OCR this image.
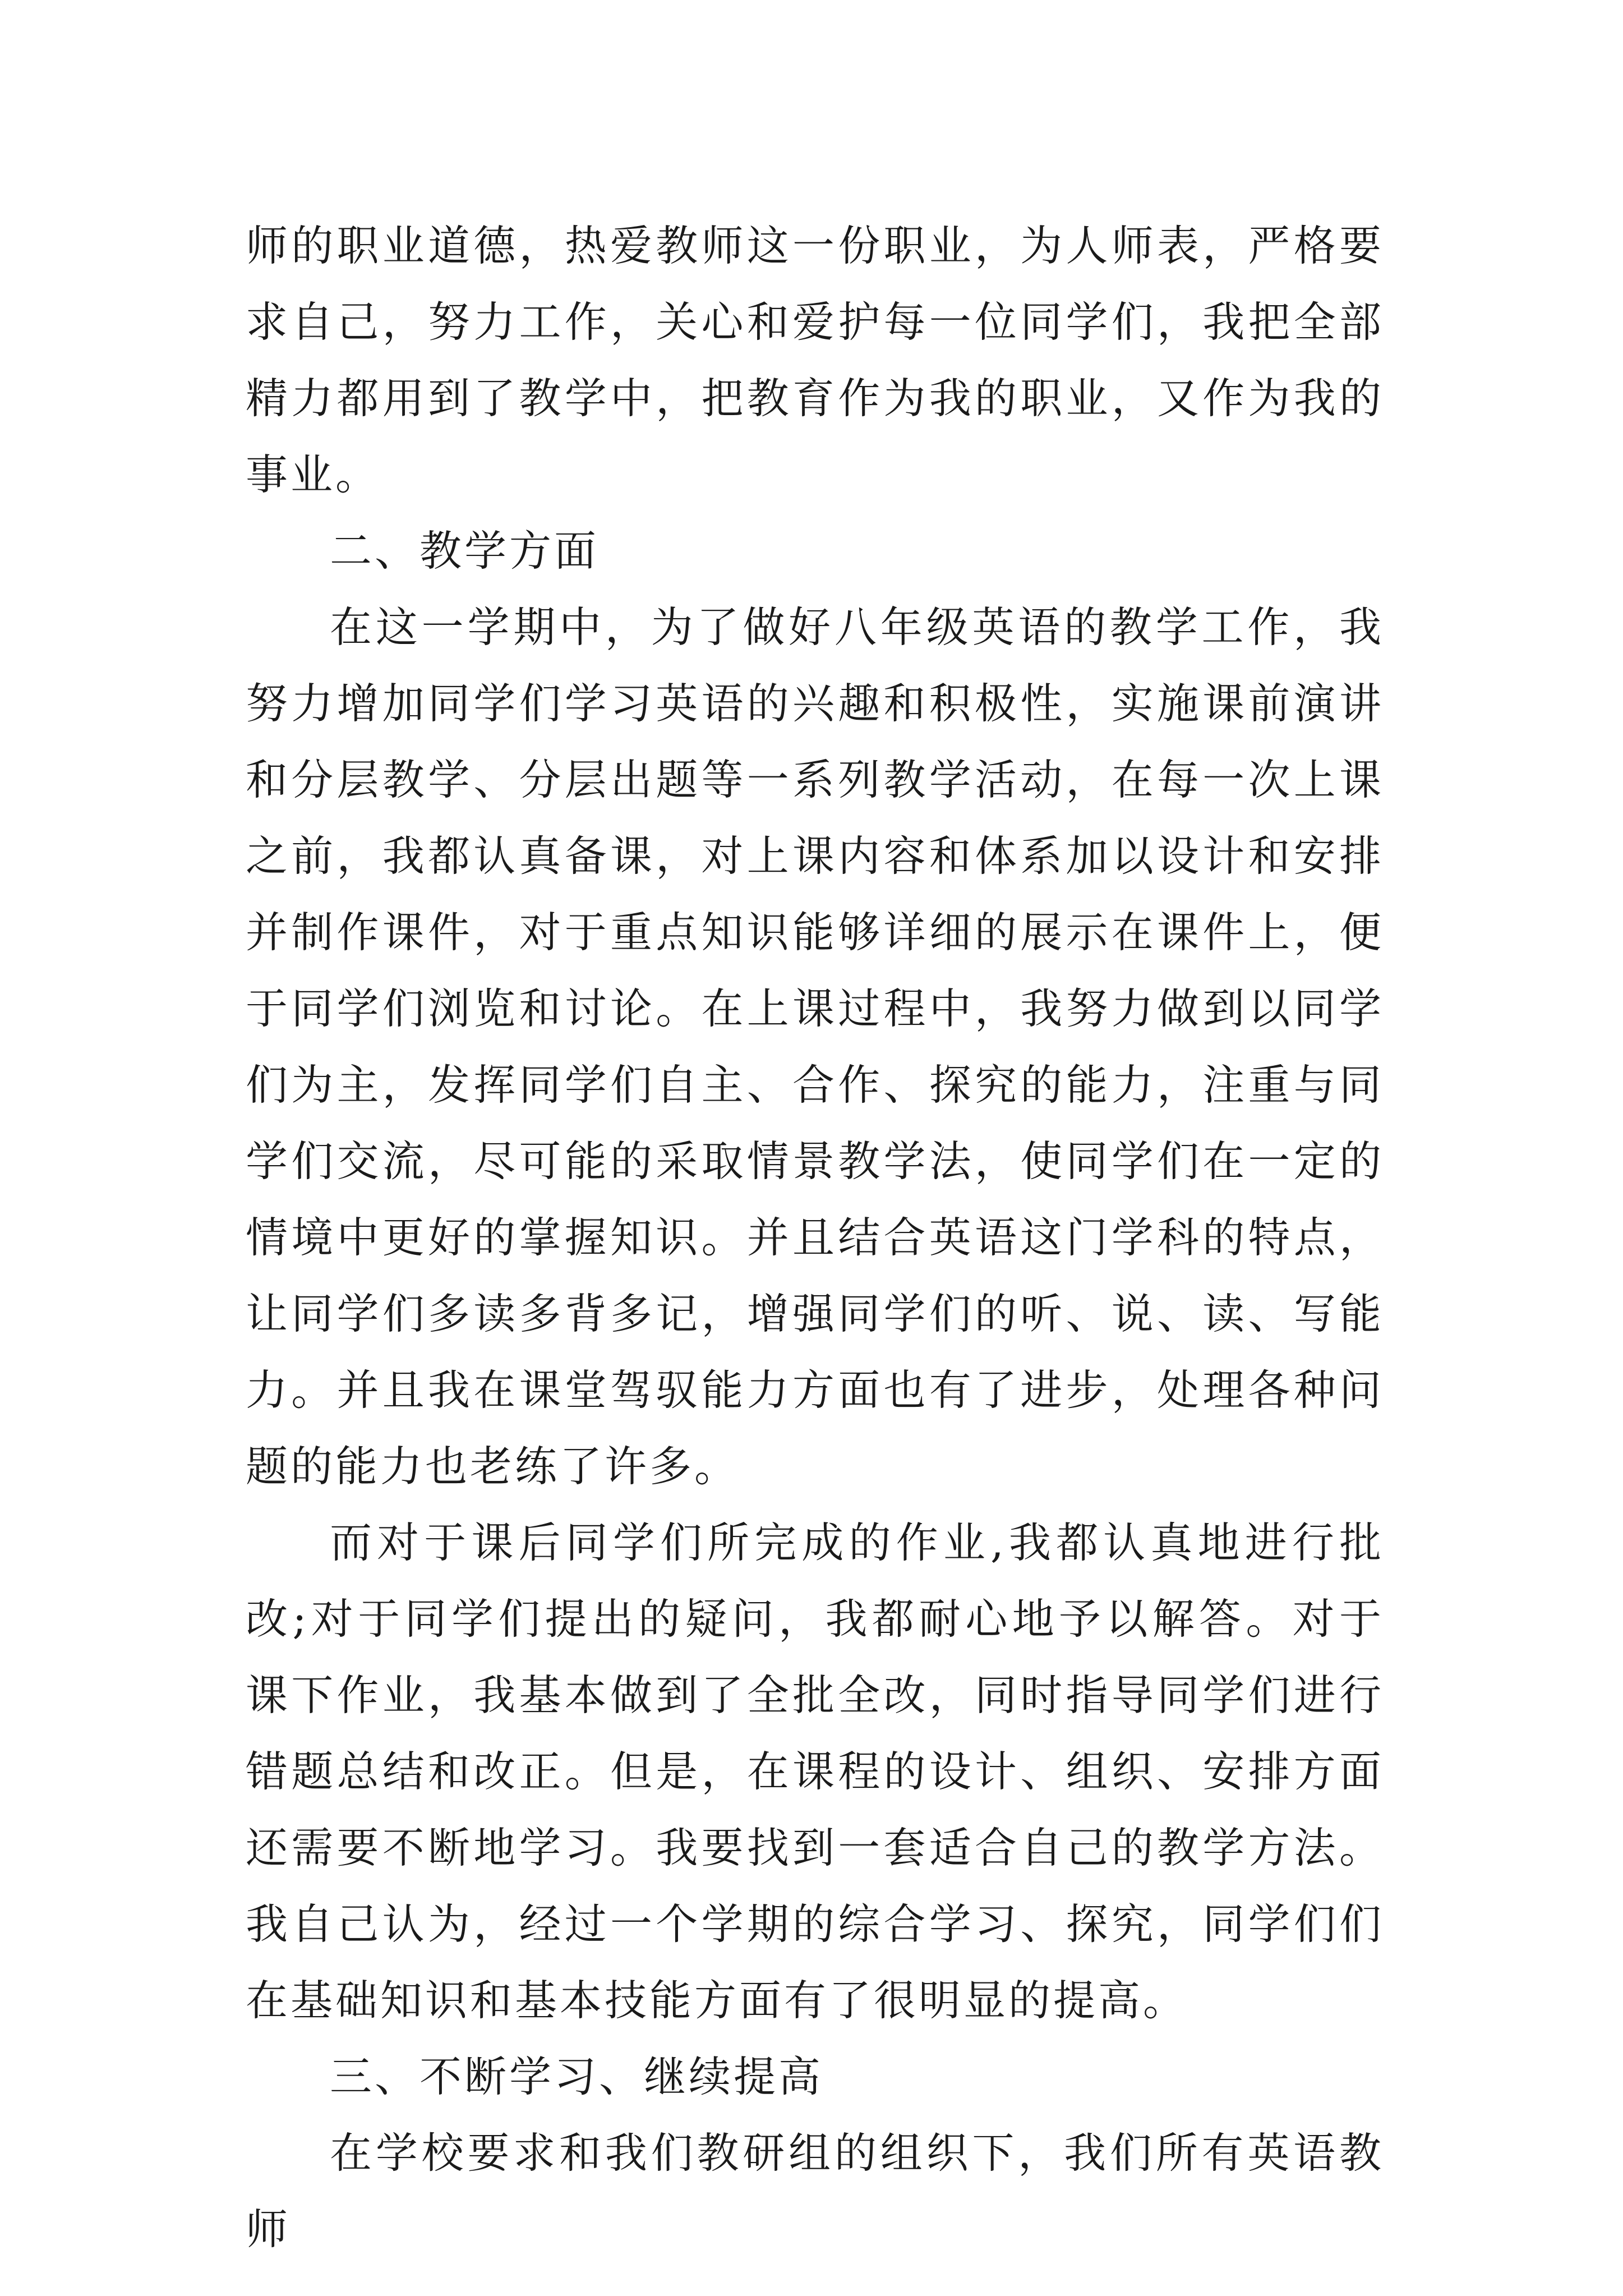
师的职业道德，热爱教师这一份职业，为人师表，严格要求自己，努力工作，关心和爱护每一位同学们，我把全部精力都用到了教学中，把教育作为我的职业，又作为我的事业。

二、教学方面

在这一学期中，为了做好八年级英语的教学工作，我努力增加同学们学习英语的兴趣和积极性，实施课前演讲和分层教学、分层出题等一系列教学活动，在每一次上课之前，我都认真备课，对上课内容和体系加以设计和安排并制作课件，对于重点知识能够详细的展示在课件上，便于同学们浏览和讨论。在上课过程中，我努力做到以同学们为主，发挥同学们自主、合作、探究的能力，注重与同学们交流，尽可能的采取情景教学法，使同学们在一定的情境中更好的掌握知识。并且结合英语这门学科的特点，让同学们多读多背多记，增强同学们的听、说、读、写能力。并且我在课堂驾驭能力方面也有了进步，处理各种问题的能力也老练了许多。

而对于课后同学们所完成的作业,我都认真地进行批改;对于同学们提出的疑问，我都耐心地予以解答。对于课下作业，我基本做到了全批全改，同时指导同学们进行错题总结和改正。但是，在课程的设计、组织、安排方面还需要不断地学习。我要找到一套适合自己的教学方法。我自己认为，经过一个学期的综合学习、探究，同学们们在基础知识和基本技能方面有了很明显的提高。

三、不断学习、继续提高

在学校要求和我们教研组的组织下，我们所有英语教师
